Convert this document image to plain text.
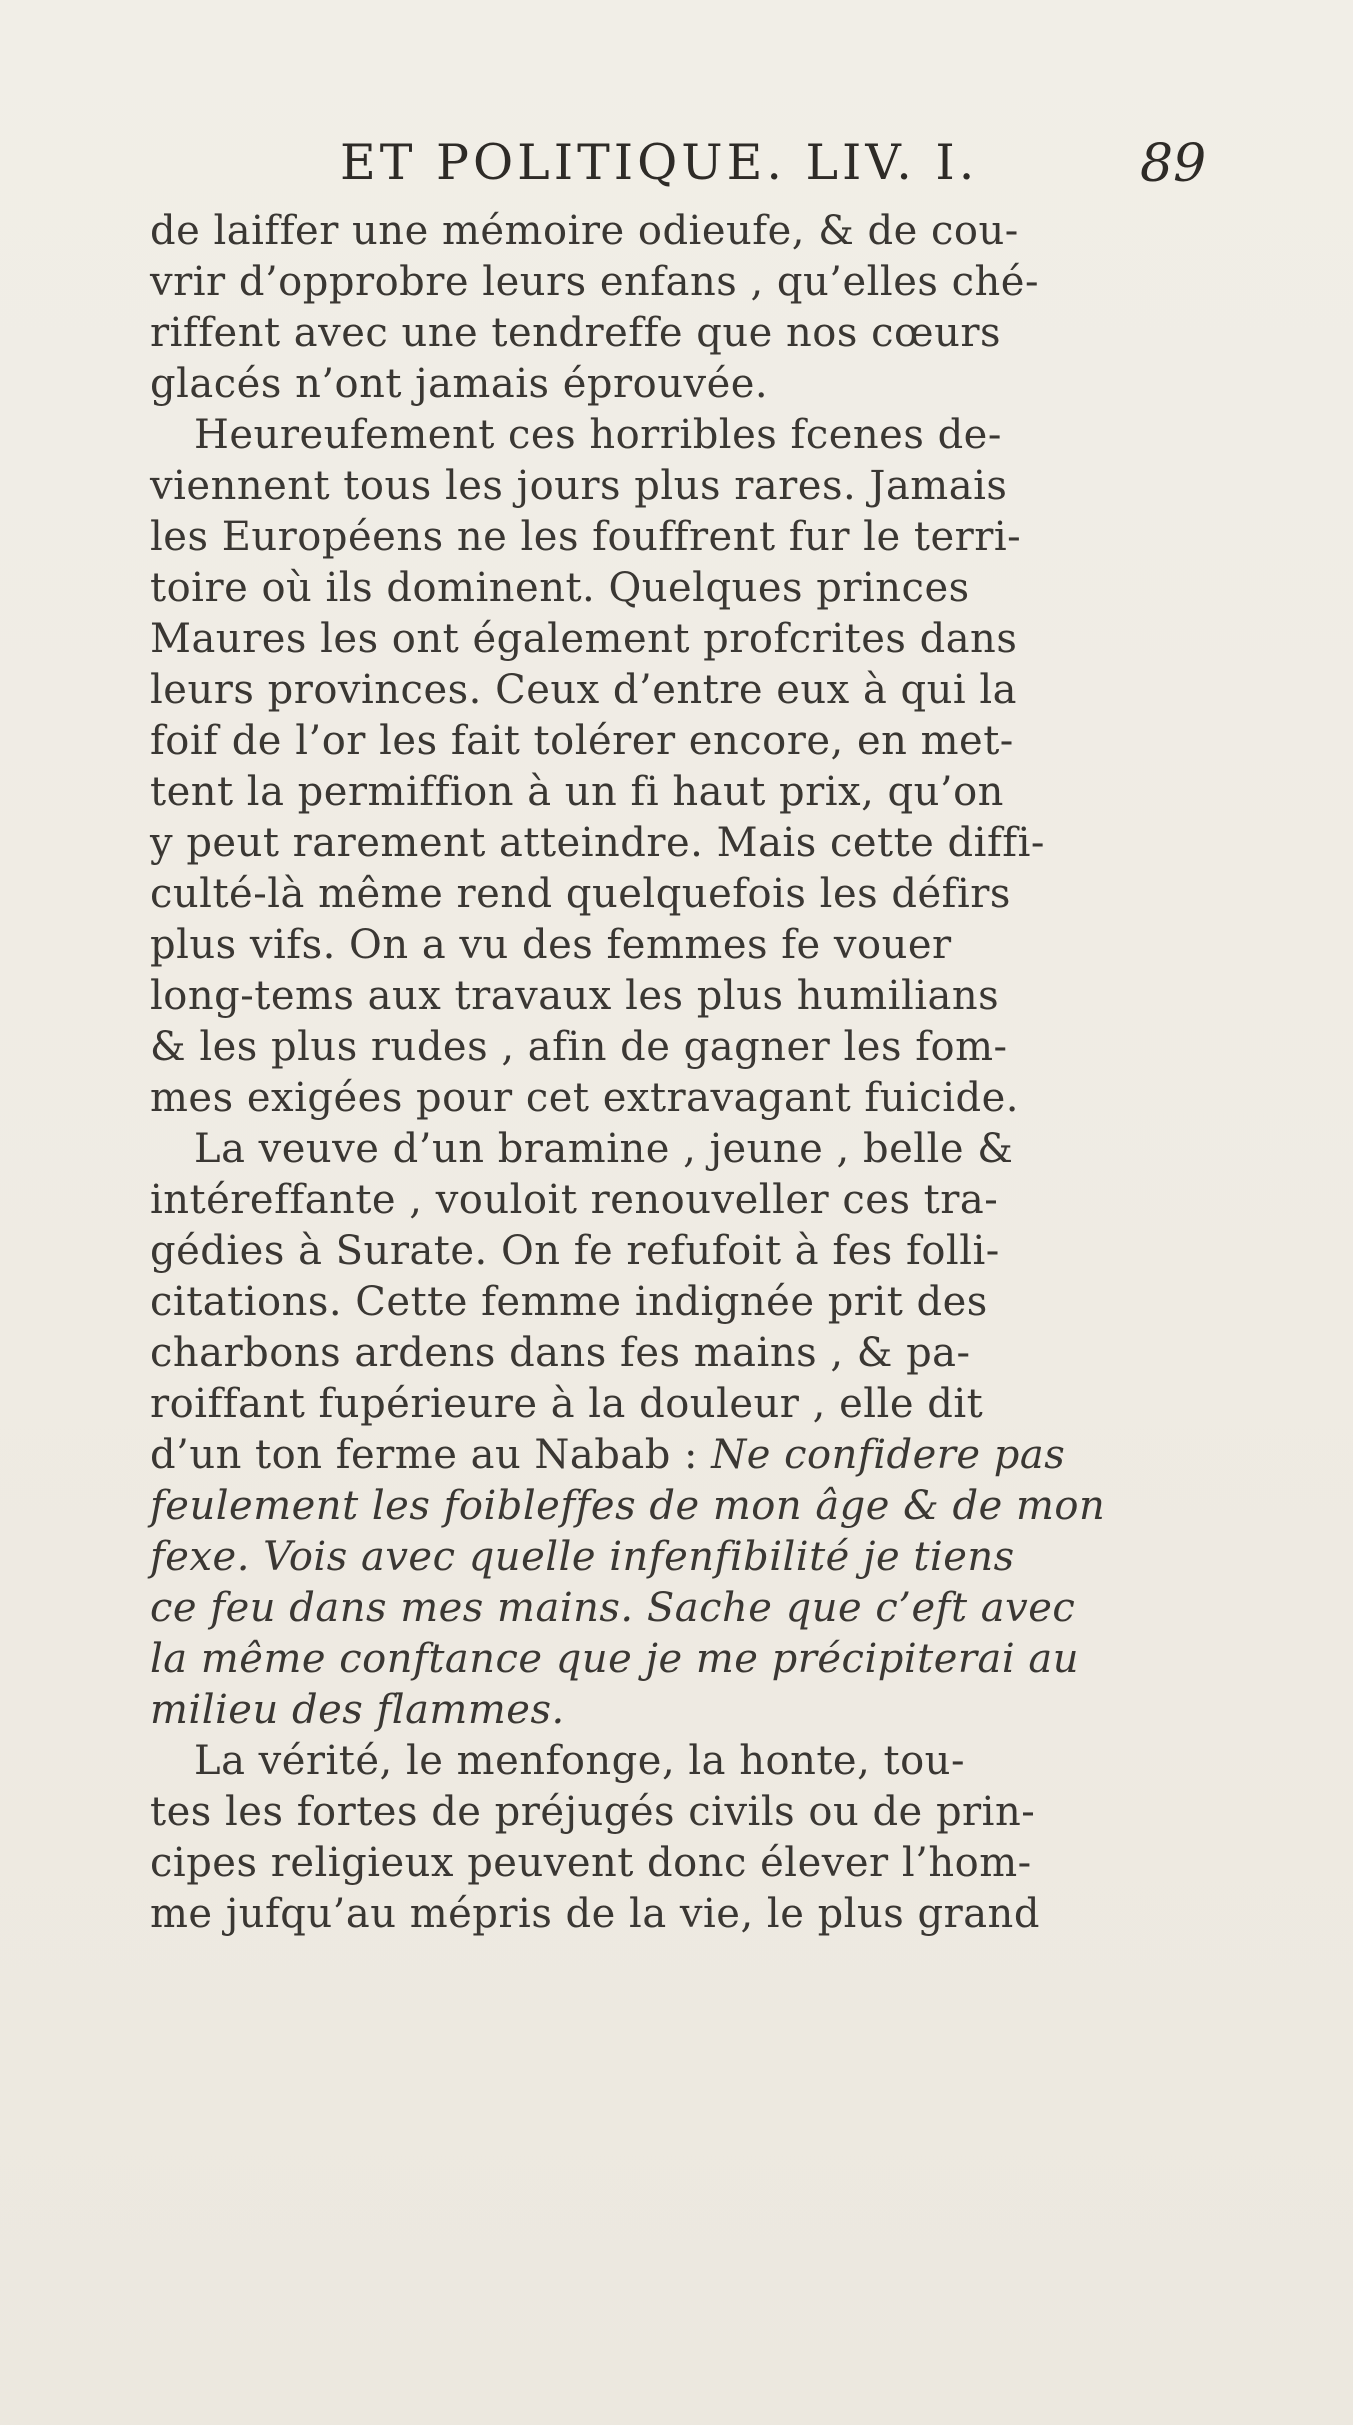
ET POLITIQUE. LIV. I.	89
de laiffer une mémoire odieufe, & de cou-
vrir d’opprobre leurs enfans , qu’elles ché-
riffent avec une tendreffe que nos cœurs
glacés n’ont jamais éprouvée.
Heureufement ces horribles fcenes de-
viennent tous les jours plus rares. Jamais
les Européens ne les fouffrent fur le terri-
toire où ils dominent. Quelques princes
Maures les ont également profcrites dans
leurs provinces. Ceux d’entre eux à qui la
foif de l’or les fait tolérer encore, en met-
tent la permiffion à un fi haut prix, qu’on
y peut rarement atteindre. Mais cette diffi-
culté-là même rend quelquefois les défirs
plus vifs. On a vu des femmes fe vouer
long-tems aux travaux les plus humilians
& les plus rudes , afin de gagner les fom-
mes exigées pour cet extravagant fuicide.
La veuve d’un bramine , jeune , belle &
intéreffante , vouloit renouveller ces tra-
gédies à Surate. On fe refufoit à fes folli-
citations. Cette femme indignée prit des
charbons ardens dans fes mains , & pa-
roiffant fupérieure à la douleur , elle dit
d’un ton ferme au Nabab : Ne confidere pas
feulement les foibleffes de mon âge & de mon
fexe. Vois avec quelle infenfibilité je tiens
ce feu dans mes mains. Sache que c’eft avec
la même conftance que je me précipiterai au
milieu des flammes.
La vérité, le menfonge, la honte, tou-
tes les fortes de préjugés civils ou de prin-
cipes religieux peuvent donc élever l’hom-
me jufqu’au mépris de la vie, le plus grand
